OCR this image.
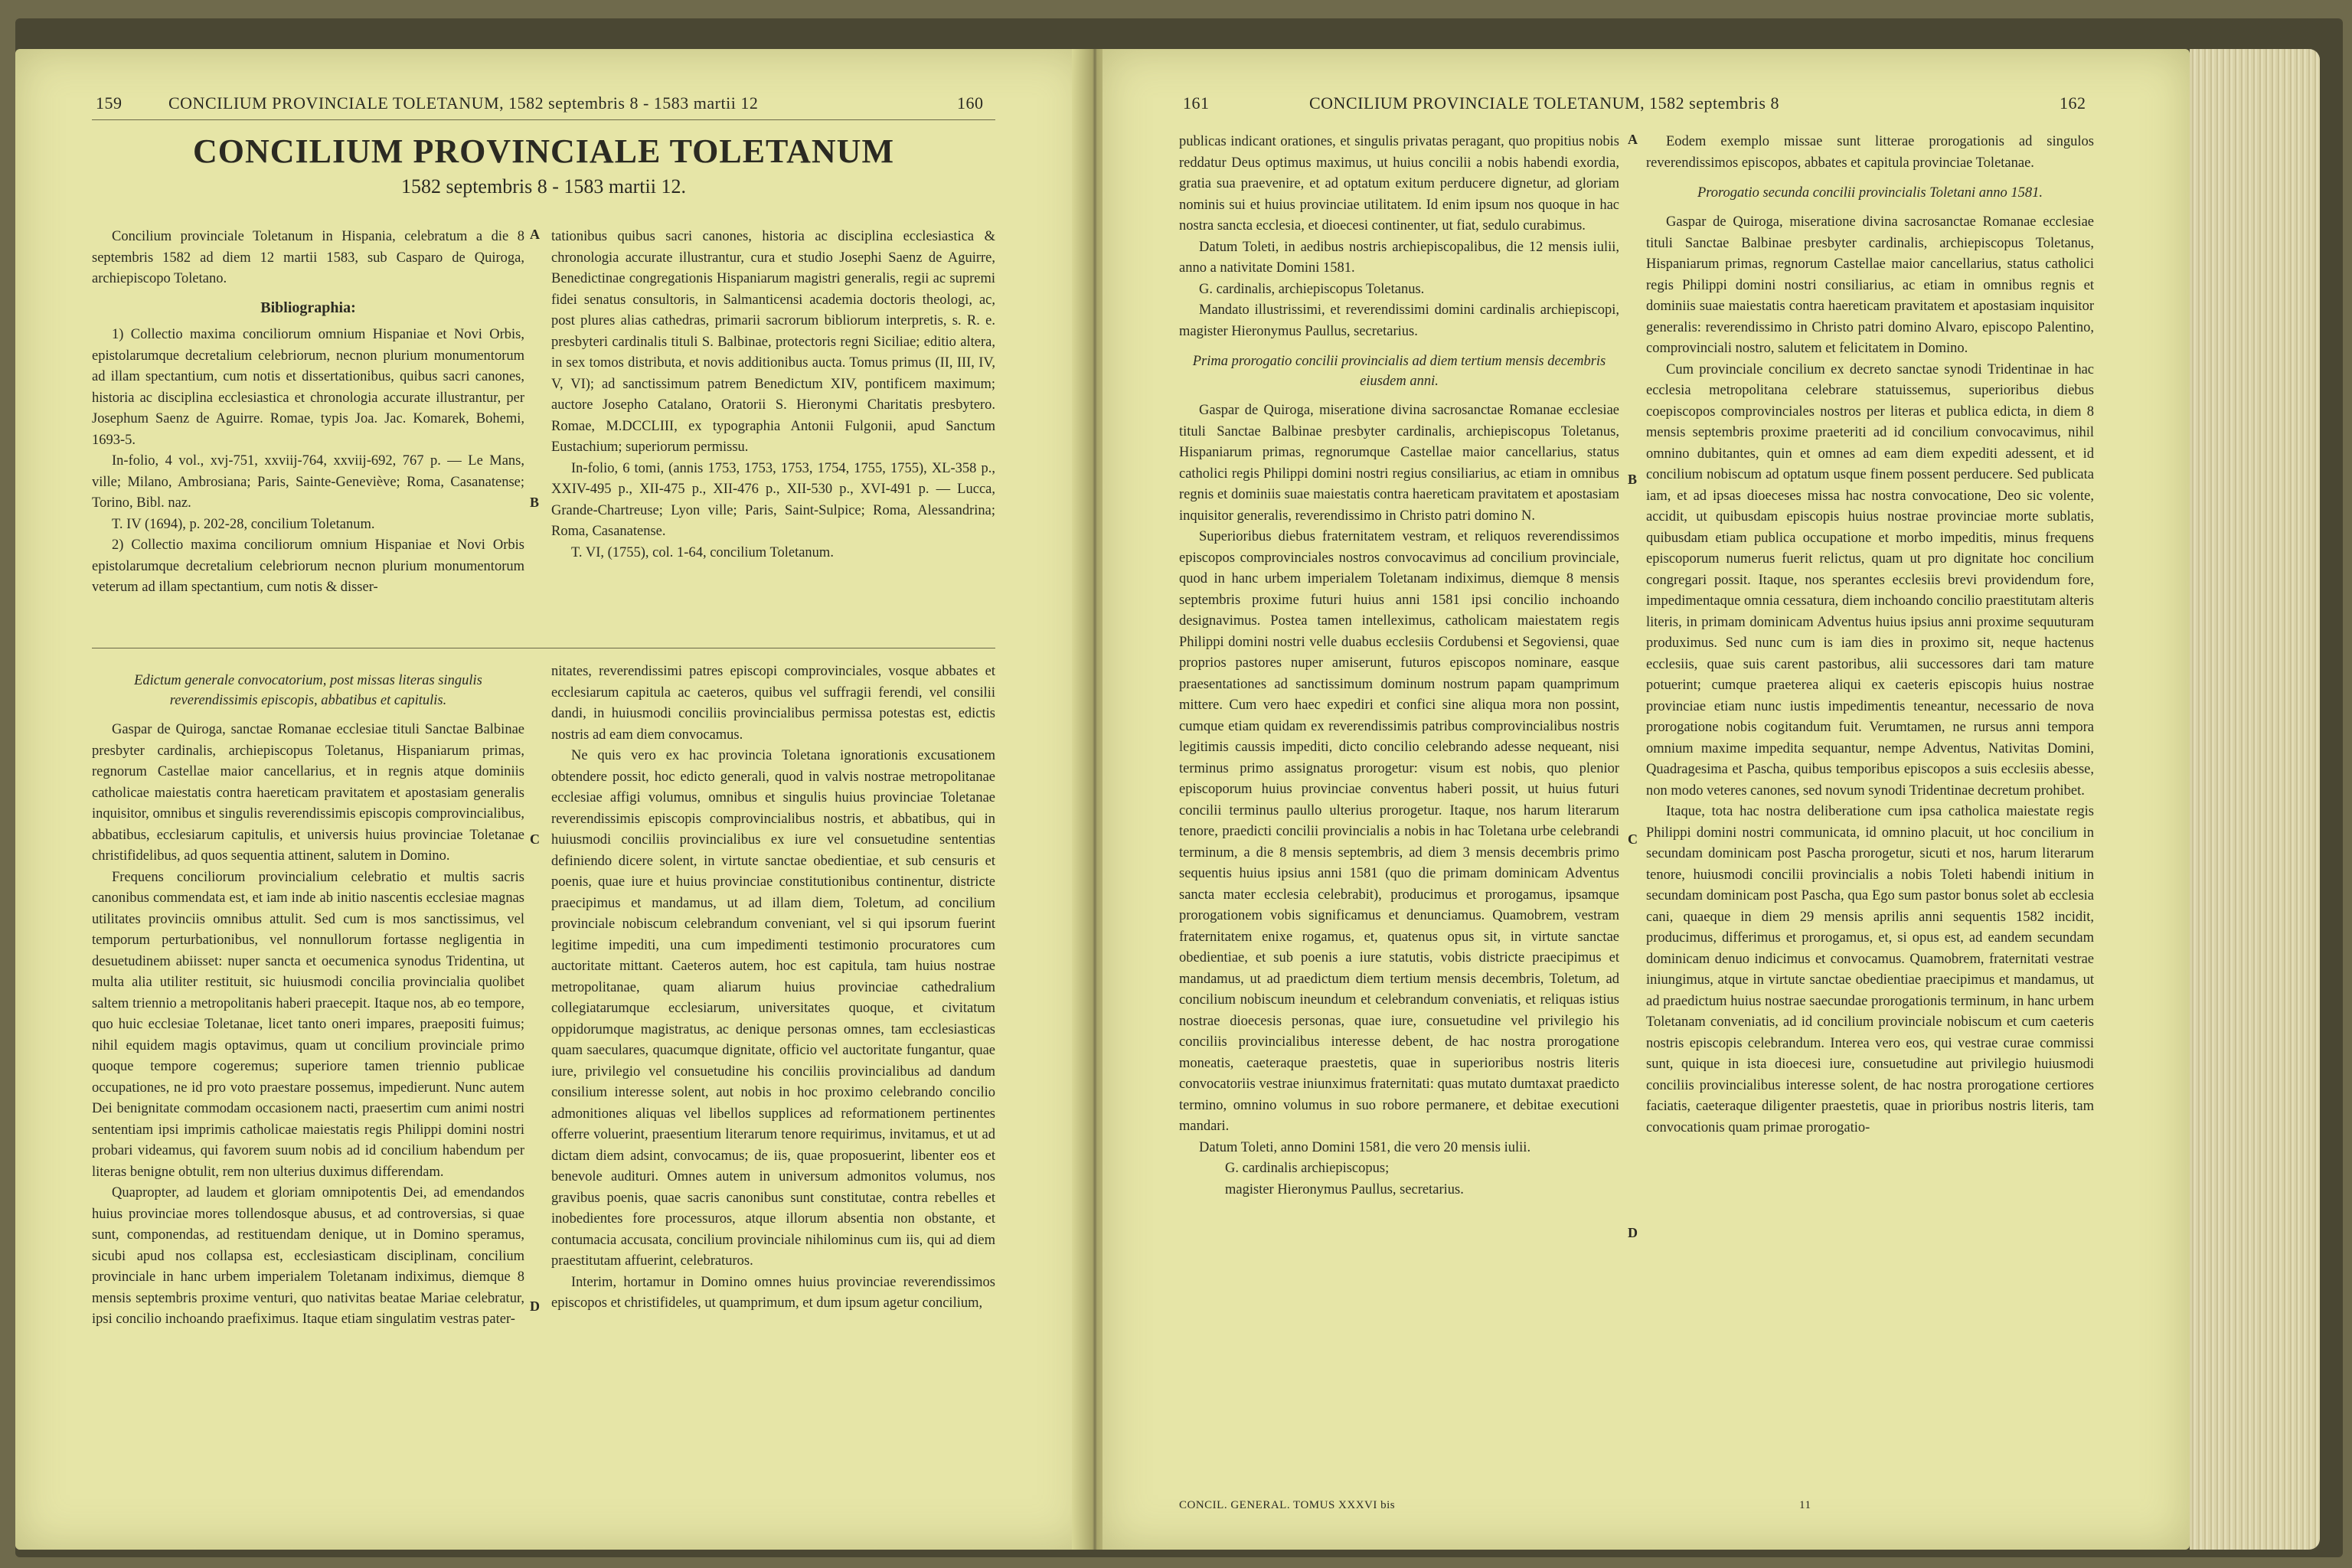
159	CONCILIUM PROVINCIALE TOLETANUM, 1582 septembris 8 - 1583 martii 12	160
CONCILIUM PROVINCIALE TOLETANUM
1582 septembris 8 - 1583 martii 12.

Concilium provinciale Toletanum in Hispania, celebratum a die 8 septembris 1582 ad diem 12 martii 1583, sub Casparo de Quiroga, archiepiscopo Toletano.

Bibliographia:

1) Collectio maxima conciliorum omnium Hispaniae et Novi Orbis, epistolarumque decretalium celebriorum, necnon plurium monumentorum ad illam spectantium, cum notis et dissertationibus, quibus sacri canones, historia ac disciplina ecclesiastica et chronologia accurate illustrantur, per Josephum Saenz de Aguirre. Romae, typis Joa. Jac. Komarek, Bohemi, 1693-5.

In-folio, 4 vol., xvj-751, xxviij-764, xxviij-692, 767 p. — Le Mans, ville; Milano, Ambrosiana; Paris, Sainte-Geneviève; Roma, Casanatense; Torino, Bibl. naz.

T. IV (1694), p. 202-28, concilium Toletanum.

2) Collectio maxima conciliorum omnium Hispaniae et Novi Orbis epistolarumque decretalium celebriorum necnon plurium monumentorum veterum ad illam spectantium, cum notis & disser-

tationibus quibus sacri canones, historia ac disciplina ecclesiastica & chronologia accurate illustrantur, cura et studio Josephi Saenz de Aguirre, Benedictinae congregationis Hispaniarum magistri generalis, regii ac supremi fidei senatus consultoris, in Salmanticensi academia doctoris theologi, ac, post plures alias cathedras, primarii sacrorum bibliorum interpretis, s. R. e. presbyteri cardinalis tituli S. Balbinae, protectoris regni Siciliae; editio altera, in sex tomos distributa, et novis additionibus aucta. Tomus primus (II, III, IV, V, VI); ad sanctissimum patrem Benedictum XIV, pontificem maximum; auctore Josepho Catalano, Oratorii S. Hieronymi Charitatis presbytero. Romae, M.DCCLIII, ex typographia Antonii Fulgonii, apud Sanctum Eustachium; superiorum permissu.

In-folio, 6 tomi, (annis 1753, 1753, 1753, 1754, 1755, 1755), XL-358 p., XXIV-495 p., XII-475 p., XII-476 p., XII-530 p., XVI-491 p. — Lucca, Grande-Chartreuse; Lyon ville; Paris, Saint-Sulpice; Roma, Alessandrina; Roma, Casanatense.

T. VI, (1755), col. 1-64, concilium Toletanum.

Edictum generale convocatorium, post missas literas singulis reverendissimis episcopis, abbatibus et capitulis.

Gaspar de Quiroga, sanctae Romanae ecclesiae tituli Sanctae Balbinae presbyter cardinalis, archiepiscopus Toletanus, Hispaniarum primas, regnorum Castellae maior cancellarius, et in regnis atque dominiis catholicae maiestatis contra haereticam pravitatem et apostasiam generalis inquisitor, omnibus et singulis reverendissimis episcopis comprovincialibus, abbatibus, ecclesiarum capitulis, et universis huius provinciae Toletanae christifidelibus, ad quos sequentia attinent, salutem in Domino.

Frequens conciliorum provincialium celebratio et multis sacris canonibus commendata est, et iam inde ab initio nascentis ecclesiae magnas utilitates provinciis omnibus attulit. Sed cum is mos sanctissimus, vel temporum perturbationibus, vel nonnullorum fortasse negligentia in desuetudinem abiisset: nuper sancta et oecumenica synodus Tridentina, ut multa alia utiliter restituit, sic huiusmodi concilia provincialia quolibet saltem triennio a metropolitanis haberi praecepit. Itaque nos, ab eo tempore, quo huic ecclesiae Toletanae, licet tanto oneri impares, praepositi fuimus; nihil equidem magis optavimus, quam ut concilium provinciale primo quoque tempore cogeremus; superiore tamen triennio publicae occupationes, ne id pro voto praestare possemus, impedierunt. Nunc autem Dei benignitate commodam occasionem nacti, praesertim cum animi nostri sententiam ipsi imprimis catholicae maiestatis regis Philippi domini nostri probari videamus, qui favorem suum nobis ad id concilium habendum per literas benigne obtulit, rem non ulterius duximus differendam.

Quapropter, ad laudem et gloriam omnipotentis Dei, ad emendandos huius provinciae mores tollendosque abusus, et ad controversias, si quae sunt, componendas, ad restituendam denique, ut in Domino speramus, sicubi apud nos collapsa est, ecclesiasticam disciplinam, concilium provinciale in hanc urbem imperialem Toletanam indiximus, diemque 8 mensis septembris proxime venturi, quo nativitas beatae Mariae celebratur, ipsi concilio inchoando praefiximus. Itaque etiam singulatim vestras pater-

nitates, reverendissimi patres episcopi comprovinciales, vosque abbates et ecclesiarum capitula ac caeteros, quibus vel suffragii ferendi, vel consilii dandi, in huiusmodi conciliis provincialibus permissa potestas est, edictis nostris ad eam diem convocamus.

Ne quis vero ex hac provincia Toletana ignorationis excusationem obtendere possit, hoc edicto generali, quod in valvis nostrae metropolitanae ecclesiae affigi volumus, omnibus et singulis huius provinciae Toletanae reverendissimis episcopis comprovincialibus nostris, et abbatibus, qui in huiusmodi conciliis provincialibus ex iure vel consuetudine sententias definiendo dicere solent, in virtute sanctae obedientiae, et sub censuris et poenis, quae iure et huius provinciae constitutionibus continentur, districte praecipimus et mandamus, ut ad illam diem, Toletum, ad concilium provinciale nobiscum celebrandum conveniant, vel si qui ipsorum fuerint legitime impediti, una cum impedimenti testimonio procuratores cum auctoritate mittant. Caeteros autem, hoc est capitula, tam huius nostrae metropolitanae, quam aliarum huius provinciae cathedralium collegiatarumque ecclesiarum, universitates quoque, et civitatum oppidorumque magistratus, ac denique personas omnes, tam ecclesiasticas quam saeculares, quacumque dignitate, officio vel auctoritate fungantur, quae iure, privilegio vel consuetudine his conciliis provincialibus ad dandum consilium interesse solent, aut nobis in hoc proximo celebrando concilio admonitiones aliquas vel libellos supplices ad reformationem pertinentes offerre voluerint, praesentium literarum tenore requirimus, invitamus, et ut ad dictam diem adsint, convocamus; de iis, quae proposuerint, libenter eos et benevole audituri. Omnes autem in universum admonitos volumus, nos gravibus poenis, quae sacris canonibus sunt constitutae, contra rebelles et inobedientes fore processuros, atque illorum absentia non obstante, et contumacia accusata, concilium provinciale nihilominus cum iis, qui ad diem praestitutam affuerint, celebraturos.

Interim, hortamur in Domino omnes huius provinciae reverendissimos episcopos et christifideles, ut quamprimum, et dum ipsum agetur concilium,

A
B
C
D
161	CONCILIUM PROVINCIALE TOLETANUM, 1582 septembris 8	162

publicas indicant orationes, et singulis privatas peragant, quo propitius nobis reddatur Deus optimus maximus, ut huius concilii a nobis habendi exordia, gratia sua praevenire, et ad optatum exitum perducere dignetur, ad gloriam nominis sui et huius provinciae utilitatem. Id enim ipsum nos quoque in hac nostra sancta ecclesia, et dioecesi continenter, ut fiat, sedulo curabimus.

Datum Toleti, in aedibus nostris archiepiscopalibus, die 12 mensis iulii, anno a nativitate Domini 1581.

G. cardinalis, archiepiscopus Toletanus.

Mandato illustrissimi, et reverendissimi domini cardinalis archiepiscopi, magister Hieronymus Paullus, secretarius.

Prima prorogatio concilii provincialis ad diem tertium mensis decembris eiusdem anni.

Gaspar de Quiroga, miseratione divina sacrosanctae Romanae ecclesiae tituli Sanctae Balbinae presbyter cardinalis, archiepiscopus Toletanus, Hispaniarum primas, regnorumque Castellae maior cancellarius, status catholici regis Philippi domini nostri regius consiliarius, ac etiam in omnibus regnis et dominiis suae maiestatis contra haereticam pravitatem et apostasiam inquisitor generalis, reverendissimo in Christo patri domino N.

Superioribus diebus fraternitatem vestram, et reliquos reverendissimos episcopos comprovinciales nostros convocavimus ad concilium provinciale, quod in hanc urbem imperialem Toletanam indiximus, diemque 8 mensis septembris proxime futuri huius anni 1581 ipsi concilio inchoando designavimus. Postea tamen intelleximus, catholicam maiestatem regis Philippi domini nostri velle duabus ecclesiis Cordubensi et Segoviensi, quae proprios pastores nuper amiserunt, futuros episcopos nominare, easque praesentationes ad sanctissimum dominum nostrum papam quamprimum mittere. Cum vero haec expediri et confici sine aliqua mora non possint, cumque etiam quidam ex reverendissimis patribus comprovincialibus nostris legitimis caussis impediti, dicto concilio celebrando adesse nequeant, nisi terminus primo assignatus prorogetur: visum est nobis, quo plenior episcoporum huius provinciae conventus haberi possit, ut huius futuri concilii terminus paullo ulterius prorogetur. Itaque, nos harum literarum tenore, praedicti concilii provincialis a nobis in hac Toletana urbe celebrandi terminum, a die 8 mensis septembris, ad diem 3 mensis decembris primo sequentis huius ipsius anni 1581 (quo die primam dominicam Adventus sancta mater ecclesia celebrabit), producimus et prorogamus, ipsamque prorogationem vobis significamus et denunciamus. Quamobrem, vestram fraternitatem enixe rogamus, et, quatenus opus sit, in virtute sanctae obedientiae, et sub poenis a iure statutis, vobis districte praecipimus et mandamus, ut ad praedictum diem tertium mensis decembris, Toletum, ad concilium nobiscum ineundum et celebrandum conveniatis, et reliquas istius nostrae dioecesis personas, quae iure, consuetudine vel privilegio his conciliis provincialibus interesse debent, de hac nostra prorogatione moneatis, caeteraque praestetis, quae in superioribus nostris literis convocatoriis vestrae iniunximus fraternitati: quas mutato dumtaxat praedicto termino, omnino volumus in suo robore permanere, et debitae executioni mandari.

Datum Toleti, anno Domini 1581, die vero 20 mensis iulii.

G. cardinalis archiepiscopus;

magister Hieronymus Paullus, secretarius.

Eodem exemplo missae sunt litterae prorogationis ad singulos reverendissimos episcopos, abbates et capitula provinciae Toletanae.

Prorogatio secunda concilii provincialis Toletani anno 1581.

Gaspar de Quiroga, miseratione divina sacrosanctae Romanae ecclesiae tituli Sanctae Balbinae presbyter cardinalis, archiepiscopus Toletanus, Hispaniarum primas, regnorum Castellae maior cancellarius, status catholici regis Philippi domini nostri consiliarius, ac etiam in omnibus regnis et dominiis suae maiestatis contra haereticam pravitatem et apostasiam inquisitor generalis: reverendissimo in Christo patri domino Alvaro, episcopo Palentino, comprovinciali nostro, salutem et felicitatem in Domino.

Cum provinciale concilium ex decreto sanctae synodi Tridentinae in hac ecclesia metropolitana celebrare statuissemus, superioribus diebus coepiscopos comprovinciales nostros per literas et publica edicta, in diem 8 mensis septembris proxime praeteriti ad id concilium convocavimus, nihil omnino dubitantes, quin et omnes ad eam diem expediti adessent, et id concilium nobiscum ad optatum usque finem possent perducere. Sed publicata iam, et ad ipsas dioeceses missa hac nostra convocatione, Deo sic volente, accidit, ut quibusdam episcopis huius nostrae provinciae morte sublatis, quibusdam etiam publica occupatione et morbo impeditis, minus frequens episcoporum numerus fuerit relictus, quam ut pro dignitate hoc concilium congregari possit. Itaque, nos sperantes ecclesiis brevi providendum fore, impedimentaque omnia cessatura, diem inchoando concilio praestitutam alteris literis, in primam dominicam Adventus huius ipsius anni proxime sequuturam produximus. Sed nunc cum is iam dies in proximo sit, neque hactenus ecclesiis, quae suis carent pastoribus, alii successores dari tam mature potuerint; cumque praeterea aliqui ex caeteris episcopis huius nostrae provinciae etiam nunc iustis impedimentis teneantur, necessario de nova prorogatione nobis cogitandum fuit. Verumtamen, ne rursus anni tempora omnium maxime impedita sequantur, nempe Adventus, Nativitas Domini, Quadragesima et Pascha, quibus temporibus episcopos a suis ecclesiis abesse, non modo veteres canones, sed novum synodi Tridentinae decretum prohibet.

Itaque, tota hac nostra deliberatione cum ipsa catholica maiestate regis Philippi domini nostri communicata, id omnino placuit, ut hoc concilium in secundam dominicam post Pascha prorogetur, sicuti et nos, harum literarum tenore, huiusmodi concilii provincialis a nobis Toleti habendi initium in secundam dominicam post Pascha, qua Ego sum pastor bonus solet ab ecclesia cani, quaeque in diem 29 mensis aprilis anni sequentis 1582 incidit, producimus, differimus et prorogamus, et, si opus est, ad eandem secundam dominicam denuo indicimus et convocamus. Quamobrem, fraternitati vestrae iniungimus, atque in virtute sanctae obedientiae praecipimus et mandamus, ut ad praedictum huius nostrae saecundae prorogationis terminum, in hanc urbem Toletanam conveniatis, ad id concilium provinciale nobiscum et cum caeteris nostris episcopis celebrandum. Interea vero eos, qui vestrae curae commissi sunt, quique in ista dioecesi iure, consuetudine aut privilegio huiusmodi conciliis provincialibus interesse solent, de hac nostra prorogatione certiores faciatis, caeteraque diligenter praestetis, quae in prioribus nostris literis, tam convocationis quam primae prorogatio-

CONCIL. GENERAL. TOMUS XXXVI bis	11
A
B
C
D
